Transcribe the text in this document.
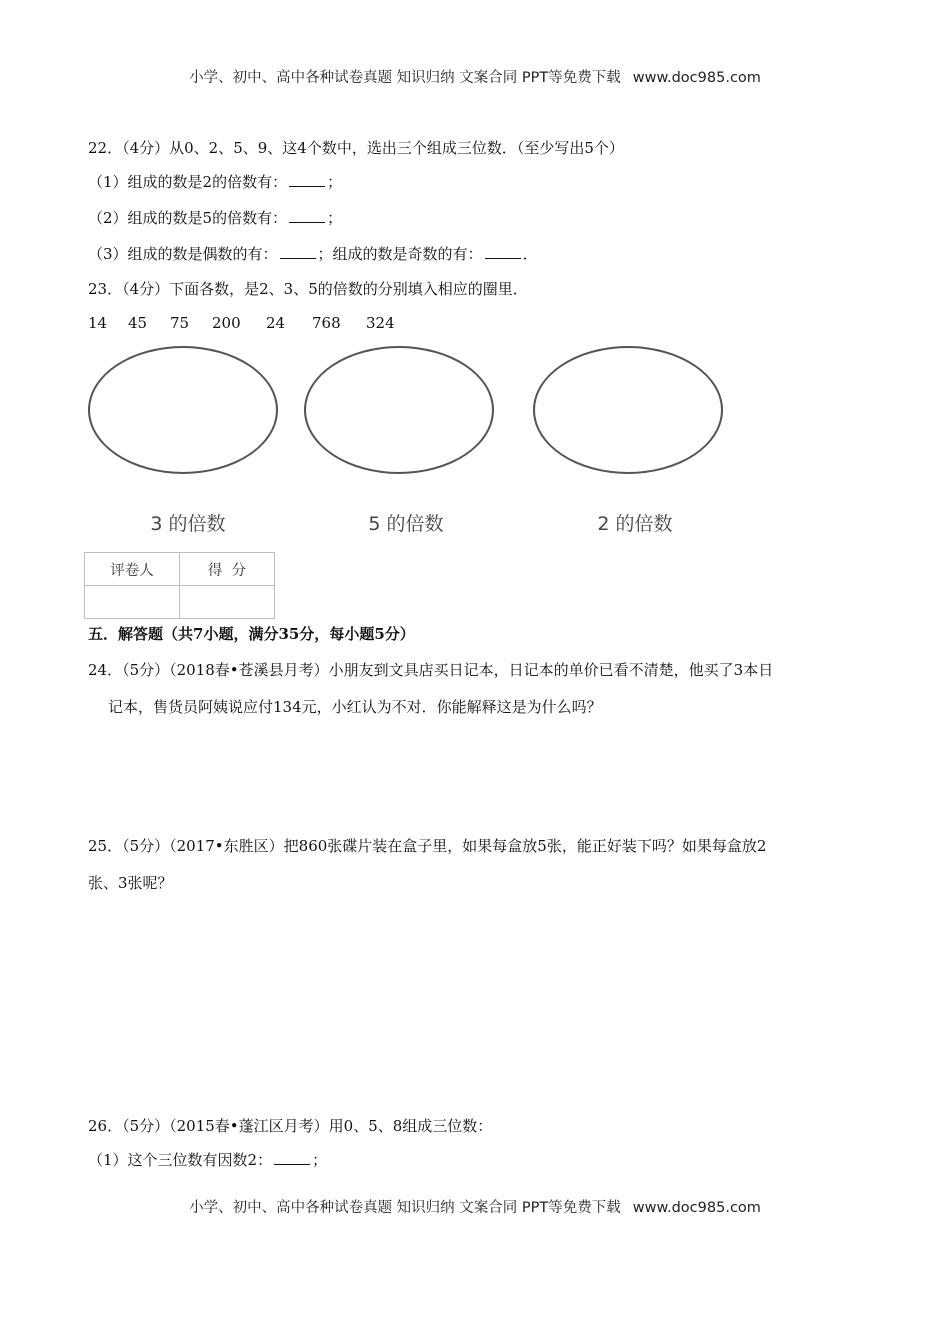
小学、初中、高中各种试卷真题 知识归纳 文案合同 PPT等免费下载 www.doc985.com
22．（4分）从0、2、5、9、这4个数中，选出三个组成三位数．（至少写出5个）
（1）组成的数是2的倍数有：	；
（2）组成的数是5的倍数有：	；
（3）组成的数是偶数的有：	；组成的数是奇数的有：	．
23．（4分）下面各数，是2、3、5的倍数的分别填入相应的圈里．
14 45 75 200 24 768 324
3 的倍数	5 的倍数	2 的倍数
评卷人	得  分

五．解答题（共7小题，满分35分，每小题5分）
24．（5分）（2018春•苍溪县月考）小朋友到文具店买日记本，日记本的单价已看不清楚，他买了3本日
记本，售货员阿姨说应付134元，小红认为不对．你能解释这是为什么吗？
25．（5分）（2017•东胜区）把860张碟片装在盒子里，如果每盒放5张，能正好装下吗？如果每盒放2
张、3张呢？
26．（5分）（2015春•蓬江区月考）用0、5、8组成三位数：
（1）这个三位数有因数2：	；
小学、初中、高中各种试卷真题 知识归纳 文案合同 PPT等免费下载 www.doc985.com
